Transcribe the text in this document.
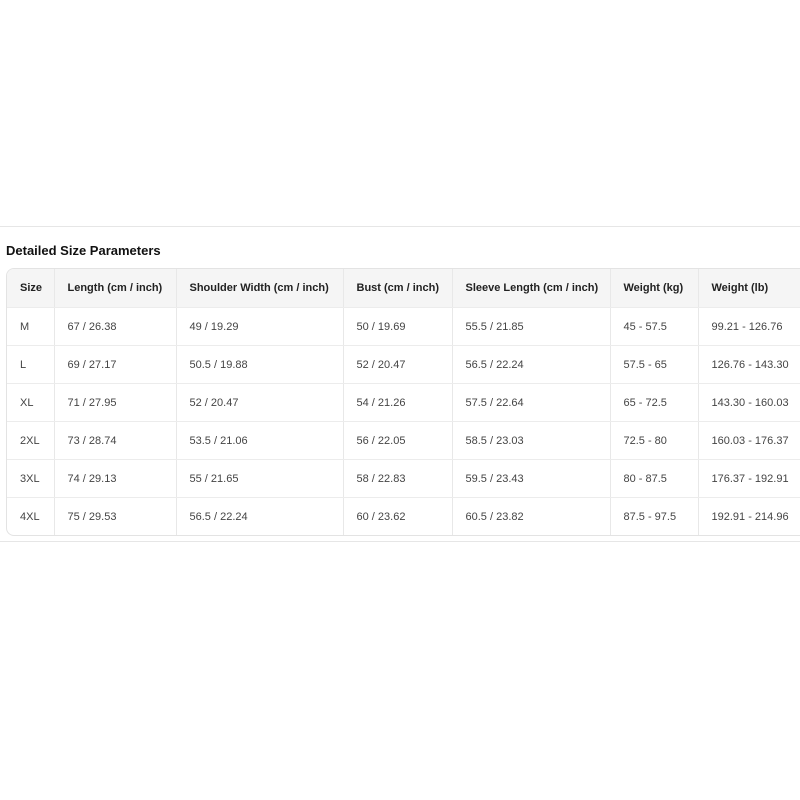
Detailed Size Parameters
Size	Length (cm / inch)	Shoulder Width (cm / inch)	Bust (cm / inch)	Sleeve Length (cm / inch)	Weight (kg)	Weight (lb)
M	67 / 26.38	49 / 19.29	50 / 19.69	55.5 / 21.85	45 - 57.5	99.21 - 126.76
L	69 / 27.17	50.5 / 19.88	52 / 20.47	56.5 / 22.24	57.5 - 65	126.76 - 143.30
XL	71 / 27.95	52 / 20.47	54 / 21.26	57.5 / 22.64	65 - 72.5	143.30 - 160.03
2XL	73 / 28.74	53.5 / 21.06	56 / 22.05	58.5 / 23.03	72.5 - 80	160.03 - 176.37
3XL	74 / 29.13	55 / 21.65	58 / 22.83	59.5 / 23.43	80 - 87.5	176.37 - 192.91
4XL	75 / 29.53	56.5 / 22.24	60 / 23.62	60.5 / 23.82	87.5 - 97.5	192.91 - 214.96
